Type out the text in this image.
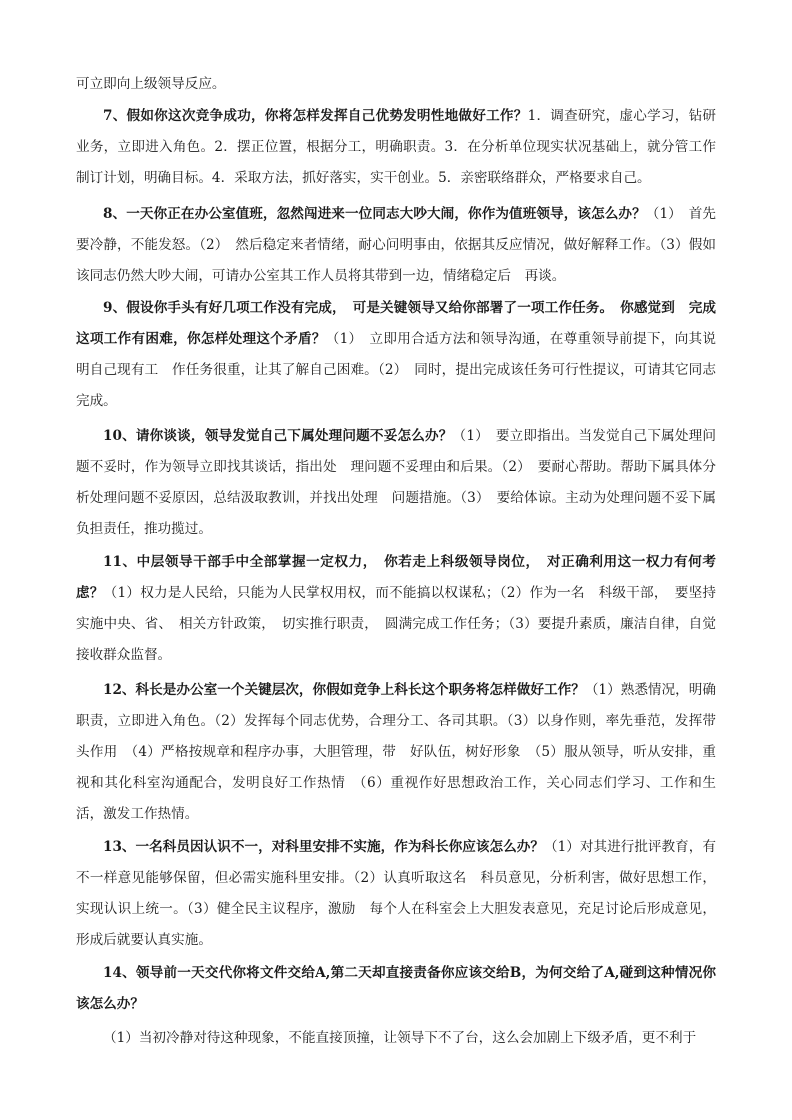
可立即向上级领导反应。

7、假如你这次竞争成功，你将怎样发挥自己优势发明性地做好工作？1．调查研究，虚心学习，钻研业务，立即进入角色。2．摆正位置，根据分工，明确职责。3．在分析单位现实状况基础上，就分管工作制订计划，明确目标。4．采取方法，抓好落实，实干创业。5．亲密联络群众，严格要求自己。

8、一天你正在办公室值班，忽然闯进来一位同志大吵大闹，你作为值班领导，该怎么办？（1）　首先要冷静，不能发怒。（2）　然后稳定来者情绪，耐心问明事由，依据其反应情况，做好解释工作。（3）假如该同志仍然大吵大闹，可请办公室其工作人员将其带到一边，情绪稳定后　再谈。

9、假设你手头有好几项工作没有完成，　可是关键领导又给你部署了一项工作任务。　你感觉到　完成这项工作有困难，你怎样处理这个矛盾？（1）　立即用合适方法和领导沟通，在尊重领导前提下，向其说明自己现有工　作任务很重，让其了解自己困难。（2）　同时，提出完成该任务可行性提议，可请其它同志完成。

10、请你谈谈，领导发觉自己下属处理问题不妥怎么办？（1）　要立即指出。当发觉自己下属处理问题不妥时，作为领导立即找其谈话，指出处　理问题不妥理由和后果。（2）　要耐心帮助。帮助下属具体分析处理问题不妥原因，总结汲取教训，并找出处理　问题措施。（3）　要给体谅。主动为处理问题不妥下属负担责任，推功揽过。

11、中层领导干部手中全部掌握一定权力，　你若走上科级领导岗位，　对正确利用这一权力有何考虑？（1）权力是人民给，只能为人民掌权用权，而不能搞以权谋私；（2）作为一名　科级干部，　要坚持实施中央、省、　相关方针政策，　切实推行职责，　圆满完成工作任务；（3）要提升素质，廉洁自律，自觉接收群众监督。

12、科长是办公室一个关键层次，你假如竞争上科长这个职务将怎样做好工作？（1）熟悉情况，明确职责，立即进入角色。（2）发挥每个同志优势，合理分工、各司其职。（3）以身作则，率先垂范，发挥带头作用　（4）严格按规章和程序办事，大胆管理，带　好队伍，树好形象　（5）服从领导，听从安排，重视和其化科室沟通配合，发明良好工作热情　（6）重视作好思想政治工作，关心同志们学习、工作和生活，激发工作热情。

13、一名科员因认识不一，对科里安排不实施，作为科长你应该怎么办？（1）对其进行批评教育，有不一样意见能够保留，但必需实施科里安排。（2）认真听取这名　科员意见，分析利害，做好思想工作，实现认识上统一。（3）健全民主议程序，激励　每个人在科室会上大胆发表意见，充足讨论后形成意见，形成后就要认真实施。

14、领导前一天交代你将文件交给A,第二天却直接责备你应该交给B，为何交给了A,碰到这种情况你该怎么办？

（1）当初冷静对待这种现象，不能直接顶撞，让领导下不了台，这么会加剧上下级矛盾，更不利于
